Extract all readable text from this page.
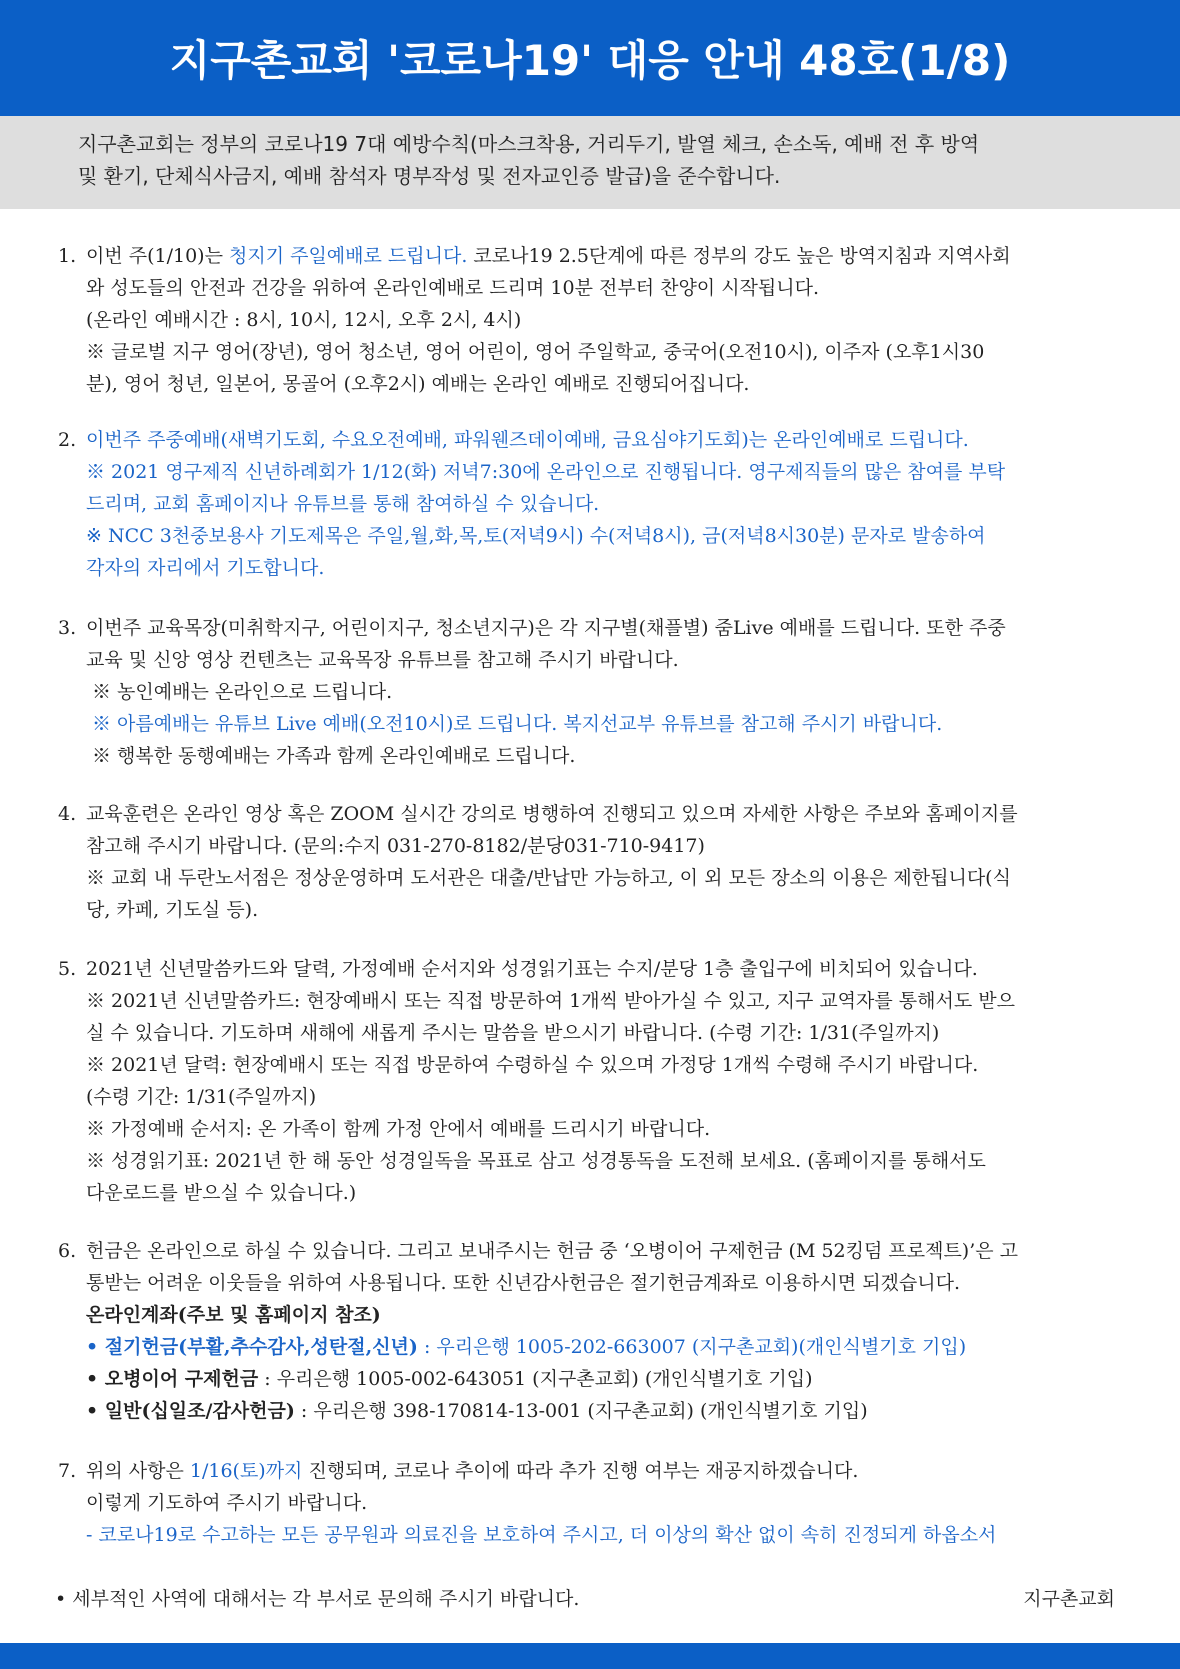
지구촌교회 '코로나19' 대응 안내 48호(1/8)
지구촌교회는 정부의 코로나19 7대 예방수칙(마스크착용, 거리두기, 발열 체크, 손소독, 예배 전 후 방역
및 환기, 단체식사금지, 예배 참석자 명부작성 및 전자교인증 발급)을 준수합니다.
1. 이번 주(1/10)는 청지기 주일예배로 드립니다. 코로나19 2.5단계에 따른 정부의 강도 높은 방역지침과 지역사회
와 성도들의 안전과 건강을 위하여 온라인예배로 드리며 10분 전부터 찬양이 시작됩니다.
(온라인 예배시간 : 8시, 10시, 12시, 오후 2시, 4시)
※ 글로벌 지구 영어(장년), 영어 청소년, 영어 어린이, 영어 주일학교, 중국어(오전10시), 이주자 (오후1시30
분), 영어 청년, 일본어, 몽골어 (오후2시) 예배는 온라인 예배로 진행되어집니다.
2. 이번주 주중예배(새벽기도회, 수요오전예배, 파워웬즈데이예배, 금요심야기도회)는 온라인예배로 드립니다.
※ 2021 영구제직 신년하례회가 1/12(화) 저녁7:30에 온라인으로 진행됩니다. 영구제직들의 많은 참여를 부탁
드리며, 교회 홈페이지나 유튜브를 통해 참여하실 수 있습니다.
※ NCC 3천중보용사 기도제목은 주일,월,화,목,토(저녁9시) 수(저녁8시), 금(저녁8시30분) 문자로 발송하여
각자의 자리에서 기도합니다.
3. 이번주 교육목장(미취학지구, 어린이지구, 청소년지구)은 각 지구별(채플별) 줌Live 예배를 드립니다. 또한 주중
교육 및 신앙 영상 컨텐츠는 교육목장 유튜브를 참고해 주시기 바랍니다.
※ 농인예배는 온라인으로 드립니다.
※ 아름예배는 유튜브 Live 예배(오전10시)로 드립니다. 복지선교부 유튜브를 참고해 주시기 바랍니다.
※ 행복한 동행예배는 가족과 함께 온라인예배로 드립니다.
4. 교육훈련은 온라인 영상 혹은 ZOOM 실시간 강의로 병행하여 진행되고 있으며 자세한 사항은 주보와 홈페이지를
참고해 주시기 바랍니다. (문의:수지 031-270-8182/분당031-710-9417)
※ 교회 내 두란노서점은 정상운영하며 도서관은 대출/반납만 가능하고, 이 외 모든 장소의 이용은 제한됩니다(식
당, 카페, 기도실 등).
5. 2021년 신년말씀카드와 달력, 가정예배 순서지와 성경읽기표는 수지/분당 1층 출입구에 비치되어 있습니다.
※ 2021년 신년말씀카드: 현장예배시 또는 직접 방문하여 1개씩 받아가실 수 있고, 지구 교역자를 통해서도 받으
실 수 있습니다. 기도하며 새해에 새롭게 주시는 말씀을 받으시기 바랍니다. (수령 기간: 1/31(주일까지)
※ 2021년 달력: 현장예배시 또는 직접 방문하여 수령하실 수 있으며 가정당 1개씩 수령해 주시기 바랍니다.
(수령 기간: 1/31(주일까지)
※ 가정예배 순서지: 온 가족이 함께 가정 안에서 예배를 드리시기 바랍니다.
※ 성경읽기표: 2021년 한 해 동안 성경일독을 목표로 삼고 성경통독을 도전해 보세요. (홈페이지를 통해서도
다운로드를 받으실 수 있습니다.)
6. 헌금은 온라인으로 하실 수 있습니다. 그리고 보내주시는 헌금 중 ‘오병이어 구제헌금 (M 52킹덤 프로젝트)’은 고
통받는 어려운 이웃들을 위하여 사용됩니다. 또한 신년감사헌금은 절기헌금계좌로 이용하시면 되겠습니다.
온라인계좌(주보 및 홈페이지 참조)
• 절기헌금(부활,추수감사,성탄절,신년) : 우리은행 1005-202-663007 (지구촌교회)(개인식별기호 기입)
• 오병이어 구제헌금 : 우리은행 1005-002-643051 (지구촌교회) (개인식별기호 기입)
• 일반(십일조/감사헌금) : 우리은행 398-170814-13-001 (지구촌교회) (개인식별기호 기입)
7. 위의 사항은 1/16(토)까지 진행되며, 코로나 추이에 따라 추가 진행 여부는 재공지하겠습니다.
이렇게 기도하여 주시기 바랍니다.
- 코로나19로 수고하는 모든 공무원과 의료진을 보호하여 주시고, 더 이상의 확산 없이 속히 진정되게 하옵소서
• 세부적인 사역에 대해서는 각 부서로 문의해 주시기 바랍니다.	지구촌교회
